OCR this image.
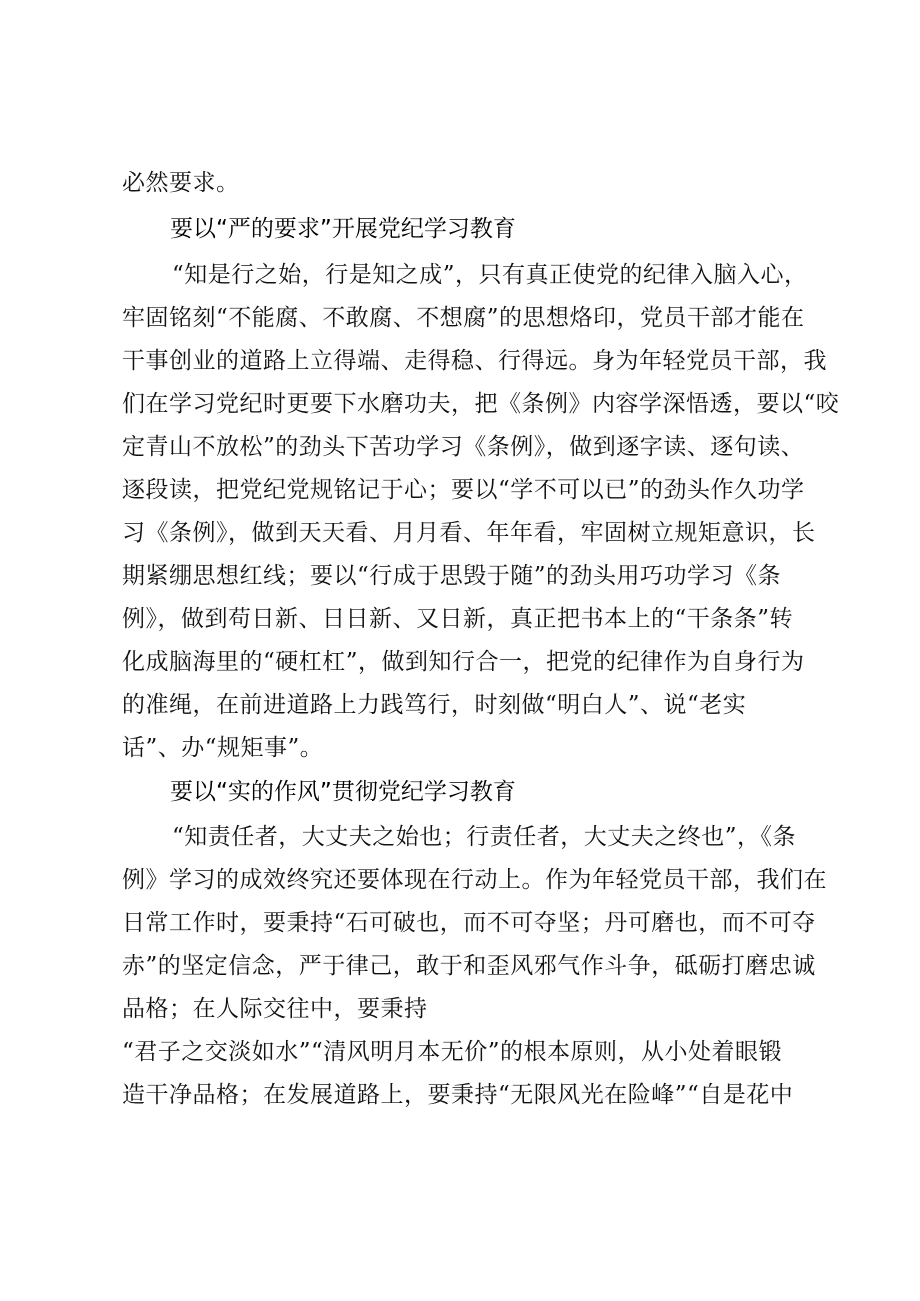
必然要求。
要以“严的要求”开展党纪学习教育
“知是行之始，行是知之成”，只有真正使党的纪律入脑入心，
牢固铭刻“不能腐、不敢腐、不想腐”的思想烙印，党员干部才能在
干事创业的道路上立得端、走得稳、行得远。身为年轻党员干部，我
们在学习党纪时更要下水磨功夫，把《条例》内容学深悟透，要以“咬
定青山不放松”的劲头下苦功学习《条例》，做到逐字读、逐句读、
逐段读，把党纪党规铭记于心；要以“学不可以已”的劲头作久功学
习《条例》，做到天天看、月月看、年年看，牢固树立规矩意识，长
期紧绷思想红线；要以“行成于思毁于随”的劲头用巧功学习《条
例》，做到苟日新、日日新、又日新，真正把书本上的“干条条”转
化成脑海里的“硬杠杠”，做到知行合一，把党的纪律作为自身行为
的准绳，在前进道路上力践笃行，时刻做“明白人”、说“老实
话”、办“规矩事”。
要以“实的作风”贯彻党纪学习教育
“知责任者，大丈夫之始也；行责任者，大丈夫之终也”，《条
例》学习的成效终究还要体现在行动上。作为年轻党员干部，我们在
日常工作时，要秉持“石可破也，而不可夺坚；丹可磨也，而不可夺
赤”的坚定信念，严于律己，敢于和歪风邪气作斗争，砥砺打磨忠诚
品格；在人际交往中，要秉持
“君子之交淡如水”“清风明月本无价”的根本原则，从小处着眼锻
造干净品格；在发展道路上，要秉持“无限风光在险峰”“自是花中
